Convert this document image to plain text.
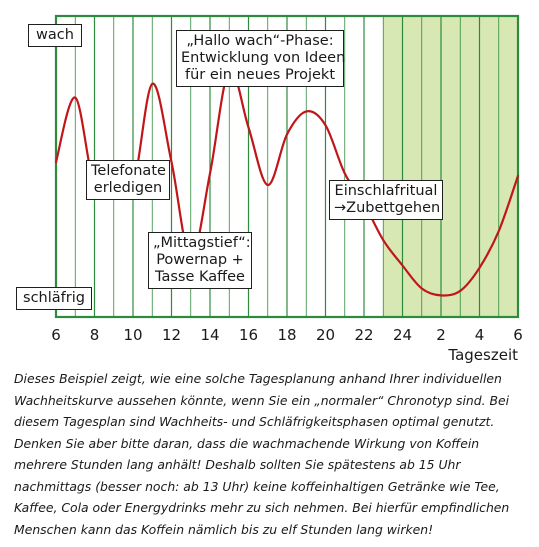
6 8 10 12 14 16 18 20 22 24 2 4 6
Tageszeit
wach
schläfrig
Telefonate
erledigen
„Mittagstief“:
Powernap +
Tasse Kaffee
„Hallo wach“-Phase:
Entwicklung von Ideen
für ein neues Projekt
Einschlafritual
→Zubettgehen
Dieses Beispiel zeigt, wie eine solche Tagesplanung anhand Ihrer individuellen Wachheitskurve aussehen könnte, wenn Sie ein „normaler“ Chronotyp sind. Bei diesem Tagesplan sind Wachheits- und Schläfrigkeitsphasen optimal genutzt. Denken Sie aber bitte daran, dass die wachmachende Wirkung von Koffein mehrere Stunden lang anhält! Deshalb sollten Sie spätestens ab 15 Uhr nachmittags (besser noch: ab 13 Uhr) keine koffeinhaltigen Getränke wie Tee, Kaffee, Cola oder Energydrinks mehr zu sich nehmen. Bei hierfür empfindlichen Menschen kann das Koffein nämlich bis zu elf Stunden lang wirken!
